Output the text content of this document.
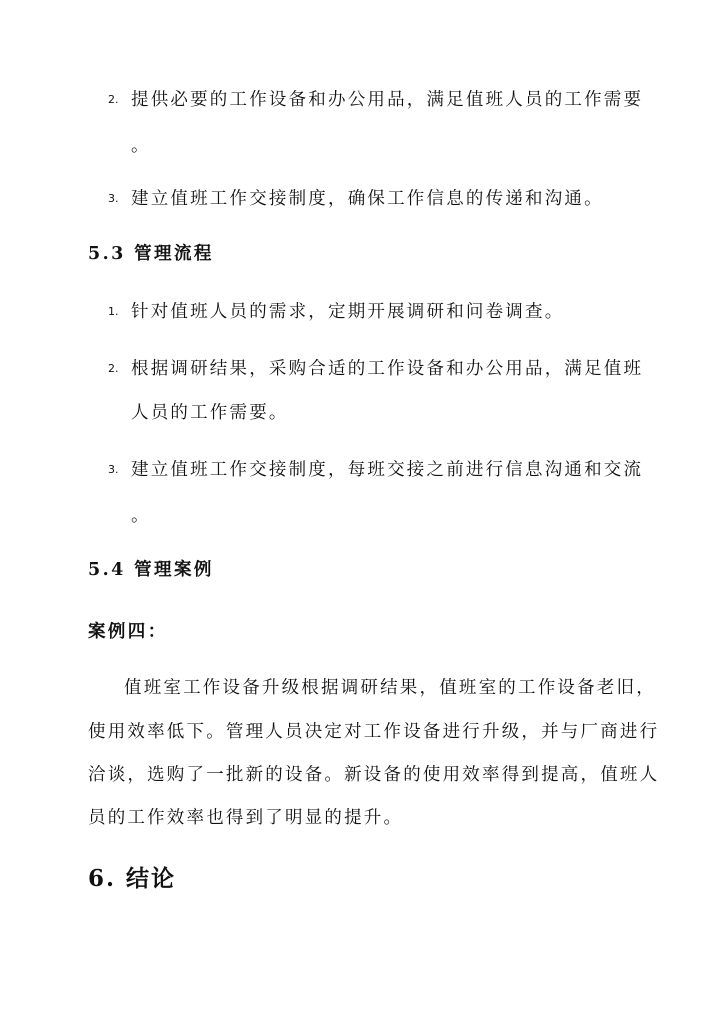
2. 提供必要的工作设备和办公用品，满足值班人员的工作需要
。
3. 建立值班工作交接制度，确保工作信息的传递和沟通。
5.3 管理流程
1. 针对值班人员的需求，定期开展调研和问卷调查。
2. 根据调研结果，采购合适的工作设备和办公用品，满足值班
人员的工作需要。
3. 建立值班工作交接制度，每班交接之前进行信息沟通和交流
。
5.4 管理案例
案例四：
值班室工作设备升级根据调研结果，值班室的工作设备老旧，
使用效率低下。管理人员决定对工作设备进行升级，并与厂商进行
洽谈，选购了一批新的设备。新设备的使用效率得到提高，值班人
员的工作效率也得到了明显的提升。
6. 结论
